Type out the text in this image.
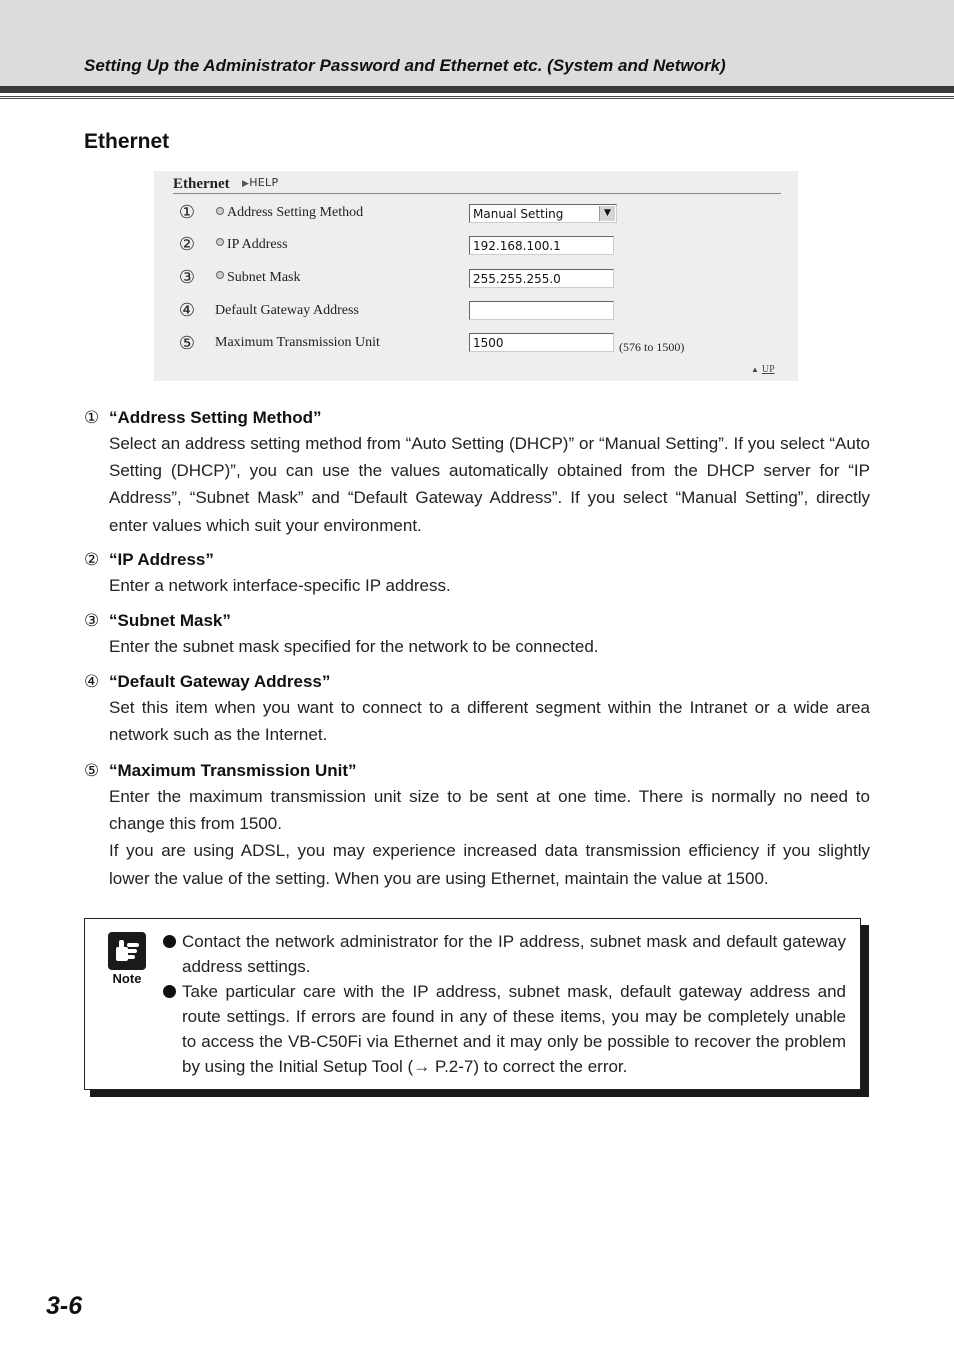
Setting Up the Administrator Password and Ethernet etc. (System and Network)
Ethernet
Ethernet ▶HELP
① Address Setting Method	Manual Setting	▼
② IP Address	192.168.100.1
③ Subnet Mask	255.255.255.0
④ Default Gateway Address
⑤ Maximum Transmission Unit	1500	(576 to 1500)
▲ UP
① “Address Setting Method”
Select an address setting method from “Auto Setting (DHCP)” or “Manual Setting”. If you select “Auto Setting (DHCP)”, you can use the values automatically obtained from the DHCP server for “IP Address”, “Subnet Mask” and “Default Gateway Address”. If you select “Manual Setting”, directly enter values which suit your environment.
② “IP Address”
Enter a network interface-specific IP address.
③ “Subnet Mask”
Enter the subnet mask specified for the network to be connected.
④ “Default Gateway Address”
Set this item when you want to connect to a different segment within the Intranet or a wide area network such as the Internet.
⑤ “Maximum Transmission Unit”
Enter the maximum transmission unit size to be sent at one time. There is normally no need to change this from 1500.
If you are using ADSL, you may experience increased data transmission efficiency if you slightly lower the value of the setting. When you are using Ethernet, maintain the value at 1500.
Note
Contact the network administrator for the IP address, subnet mask and default gateway address settings.
Take particular care with the IP address, subnet mask, default gateway address and route settings. If errors are found in any of these items, you may be completely unable to access the VB-C50Fi via Ethernet and it may only be possible to recover the problem by using the Initial Setup Tool (→ P.2-7) to correct the error.
3-6
